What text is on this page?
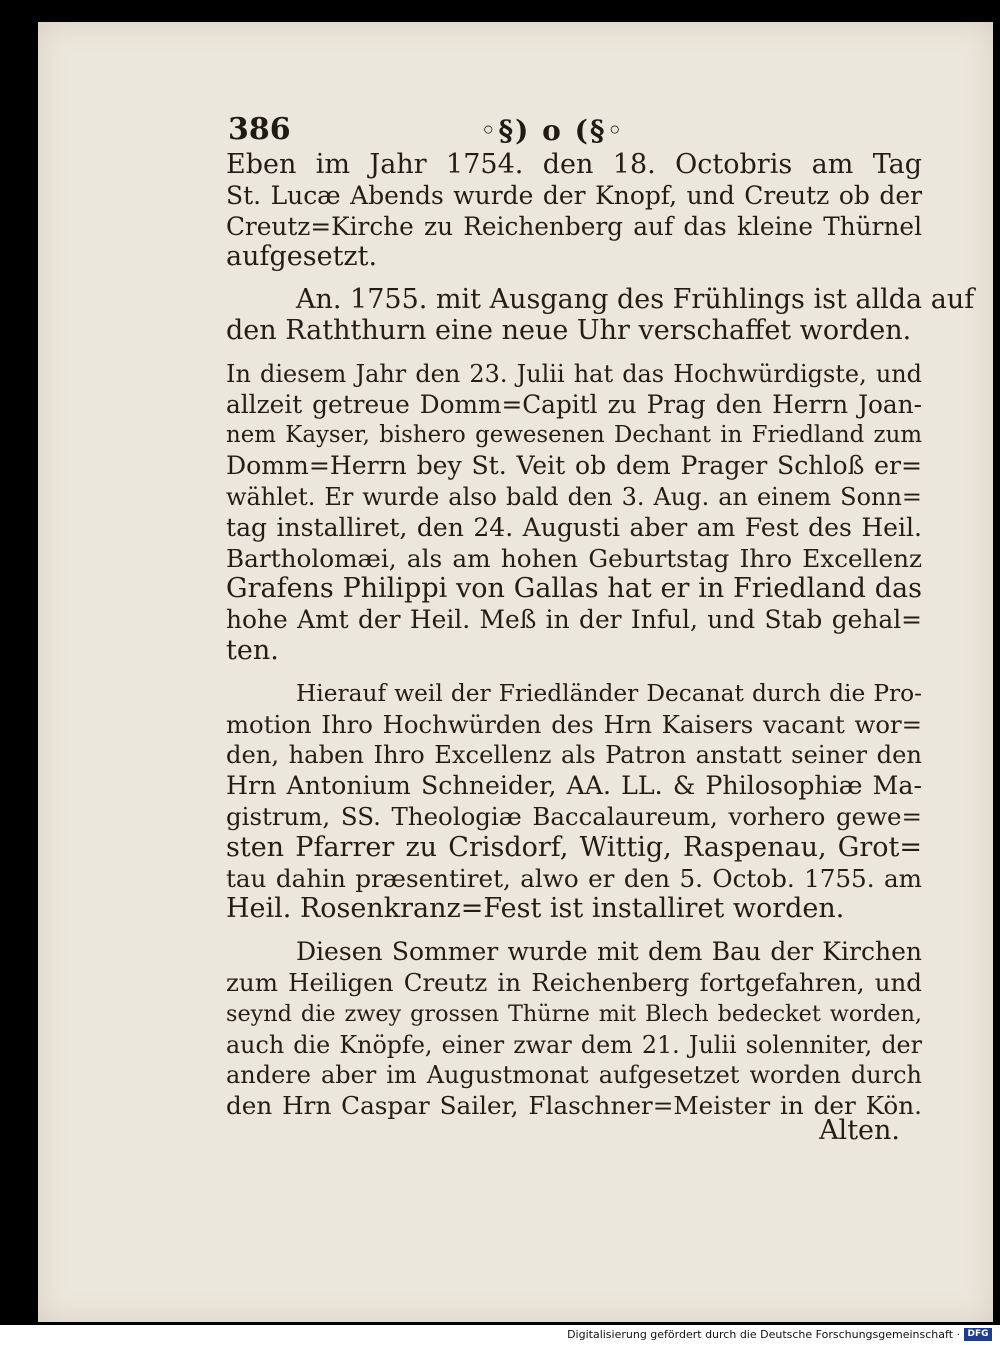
386	◦§) o (§◦
Eben im Jahr 1754. den 18. Octobris am Tag
St. Lucæ Abends wurde der Knopf, und Creutz ob der
Creutz=Kirche zu Reichenberg auf das kleine Thürnel
aufgesetzt.
An. 1755. mit Ausgang des Frühlings ist allda auf
den Raththurn eine neue Uhr verschaffet worden.
In diesem Jahr den 23. Julii hat das Hochwürdigste, und
allzeit getreue Domm=Capitl zu Prag den Herrn Joan-
nem Kayser, bishero gewesenen Dechant in Friedland zum
Domm=Herrn bey St. Veit ob dem Prager Schloß er=
wählet. Er wurde also bald den 3. Aug. an einem Sonn=
tag installiret, den 24. Augusti aber am Fest des Heil.
Bartholomæi, als am hohen Geburtstag Ihro Excellenz
Grafens Philippi von Gallas hat er in Friedland das
hohe Amt der Heil. Meß in der Inful, und Stab gehal=
ten.
Hierauf weil der Friedländer Decanat durch die Pro-
motion Ihro Hochwürden des Hrn Kaisers vacant wor=
den, haben Ihro Excellenz als Patron anstatt seiner den
Hrn Antonium Schneider, AA. LL. & Philosophiæ Ma-
gistrum, SS. Theologiæ Baccalaureum, vorhero gewe=
sten Pfarrer zu Crisdorf, Wittig, Raspenau, Grot=
tau dahin præsentiret, alwo er den 5. Octob. 1755. am
Heil. Rosenkranz=Fest ist installiret worden.
Diesen Sommer wurde mit dem Bau der Kirchen
zum Heiligen Creutz in Reichenberg fortgefahren, und
seynd die zwey grossen Thürne mit Blech bedecket worden,
auch die Knöpfe, einer zwar dem 21. Julii solenniter, der
andere aber im Augustmonat aufgesetzet worden durch
den Hrn Caspar Sailer, Flaschner=Meister in der Kön.
Alten.
Digitalisierung gefördert durch die Deutsche Forschungsgemeinschaft · DFG
